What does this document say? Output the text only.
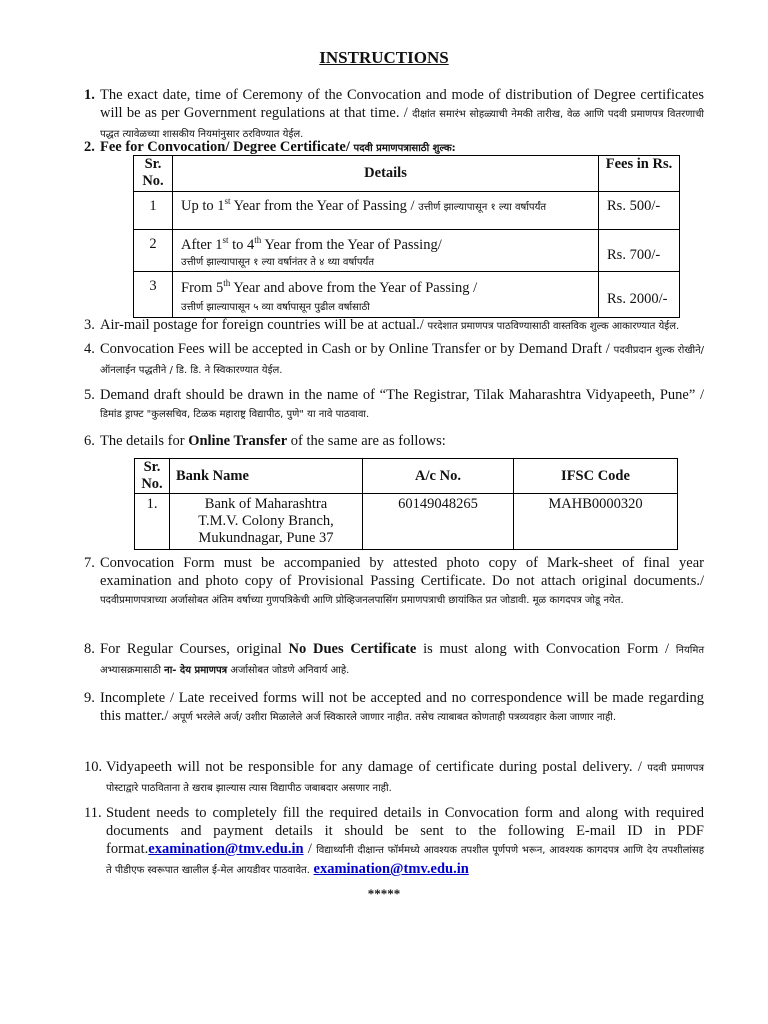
INSTRUCTIONS
1. The exact date, time of Ceremony of the Convocation and mode of distribution of Degree certificates will be as per Government regulations at that time. / दीक्षांत समारंभ सोहळ्याची नेमकी तारीख, वेळ आणि पदवी प्रमाणपत्र वितरणाची पद्धत त्यावेळच्या शासकीय नियमांनुसार ठरविण्यात येईल.
2. Fee for Convocation/ Degree Certificate/ पदवी प्रमाणपत्रासाठी शुल्क:
Sr. No.	Details	Fees in Rs.
1	Up to 1st Year from the Year of Passing / उत्तीर्ण झाल्यापासून १ ल्या वर्षापर्यंत	Rs. 500/-
2	After 1st to 4th Year from the Year of Passing/
उत्तीर्ण झाल्यापासून १ ल्या वर्षानंतर ते ४ थ्या वर्षापर्यंत	Rs. 700/-
3	From 5th Year and above from the Year of Passing /
उत्तीर्ण झाल्यापासून ५ व्या वर्षापासून पुढील वर्षासाठी	Rs. 2000/-
3. Air-mail postage for foreign countries will be at actual./ परदेशात प्रमाणपत्र पाठविण्यासाठी वास्तविक शुल्क आकारण्यात येईल.
4. Convocation Fees will be accepted in Cash or by Online Transfer or by Demand Draft / पदवीप्रदान शुल्क रोखीने/ ऑनलाईन पद्धतीने / डि. डि. ने स्विकारण्यात येईल.
5. Demand draft should be drawn in the name of “The Registrar, Tilak Maharashtra Vidyapeeth, Pune” / डिमांड ड्राफ्ट "कुलसचिव, टिळक महाराष्ट्र विद्यापीठ, पुणे" या नावे पाठवावा.
6. The details for Online Transfer of the same are as follows:
Sr. No.	Bank Name	A/c No.	IFSC Code
1.	Bank of Maharashtra
T.M.V. Colony Branch,
Mukundnagar, Pune 37	60149048265	MAHB0000320
7. Convocation Form must be accompanied by attested photo copy of Mark-sheet of final year examination and photo copy of Provisional Passing Certificate. Do not attach original documents./ पदवीप्रमाणपत्राच्या अर्जासोबत अंतिम वर्षाच्या गुणपत्रिकेची आणि प्रोव्हिजनलपासिंग प्रमाणपत्राची छायांकित प्रत जोडावी. मूळ कागदपत्र जोडू नयेत.
8. For Regular Courses, original No Dues Certificate is must along with Convocation Form / नियमित अभ्यासक्रमासाठी ना- देय प्रमाणपत्र अर्जासोबत जोडणे अनिवार्य आहे.
9. Incomplete / Late received forms will not be accepted and no correspondence will be made regarding this matter./ अपूर्ण भरलेले अर्ज/ उशीरा मिळालेले अर्ज स्विकारले जाणार नाहीत. तसेच त्याबाबत कोणताही पत्रव्यवहार केला जाणार नाही.
10. Vidyapeeth will not be responsible for any damage of certificate during postal delivery. / पदवी प्रमाणपत्र पोस्टाद्वारे पाठविताना ते खराब झाल्यास त्यास विद्यापीठ जबाबदार असणार नाही.
11. Student needs to completely fill the required details in Convocation form and along with required documents and payment details it should be sent to the following E-mail ID in PDF format.examination@tmv.edu.in / विद्यार्थ्यांनी दीक्षान्त फॉर्ममध्ये आवश्यक तपशील पूर्णपणे भरून, आवश्यक कागदपत्र आणि देय तपशीलांसह ते पीडीएफ स्वरूपात खालील ई-मेल आयडीवर पाठवावेत. examination@tmv.edu.in
*****
